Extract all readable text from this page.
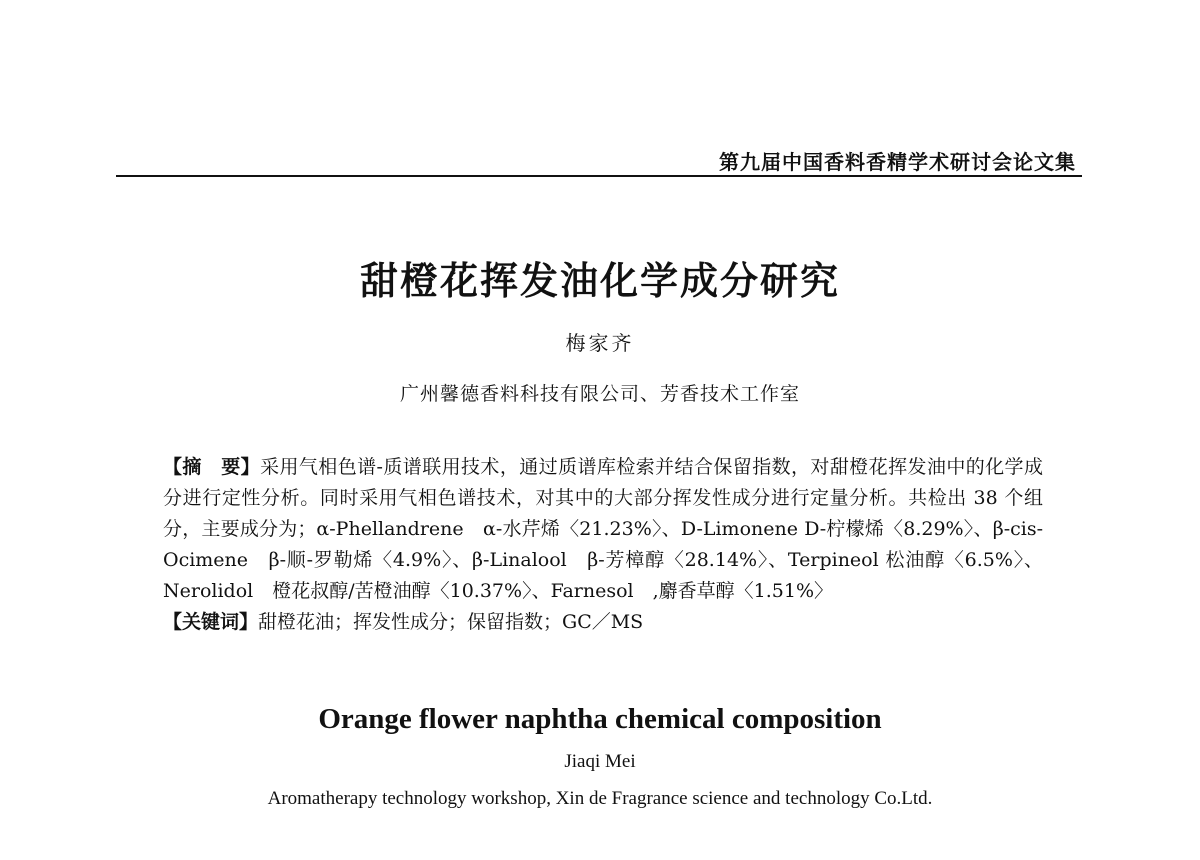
第九届中国香料香精学术研讨会论文集
甜橙花挥发油化学成分研究
梅家齐
广州馨德香料科技有限公司、芳香技术工作室

【摘　要】采用气相色谱-质谱联用技术，通过质谱库检索并结合保留指数，对甜橙花挥发油中的化学成分进行定性分析。同时采用气相色谱技术，对其中的大部分挥发性成分进行定量分析。共检出 38 个组分，主要成分为；α-Phellandrene　α-水芹烯〈21.23%〉、D-Limonene D-柠檬烯〈8.29%〉、β-cis-Ocimene　β-顺-罗勒烯〈4.9%〉、β-Linalool　β-芳樟醇〈28.14%〉、Terpineol 松油醇〈6.5%〉、Nerolidol　橙花叔醇/苦橙油醇〈10.37%〉、Farnesol　,麝香草醇〈1.51%〉

【关键词】甜橙花油；挥发性成分；保留指数；GC／MS

Orange flower naphtha chemical composition
Jiaqi Mei
Aromatherapy technology workshop, Xin de Fragrance science and technology Co.Ltd.
